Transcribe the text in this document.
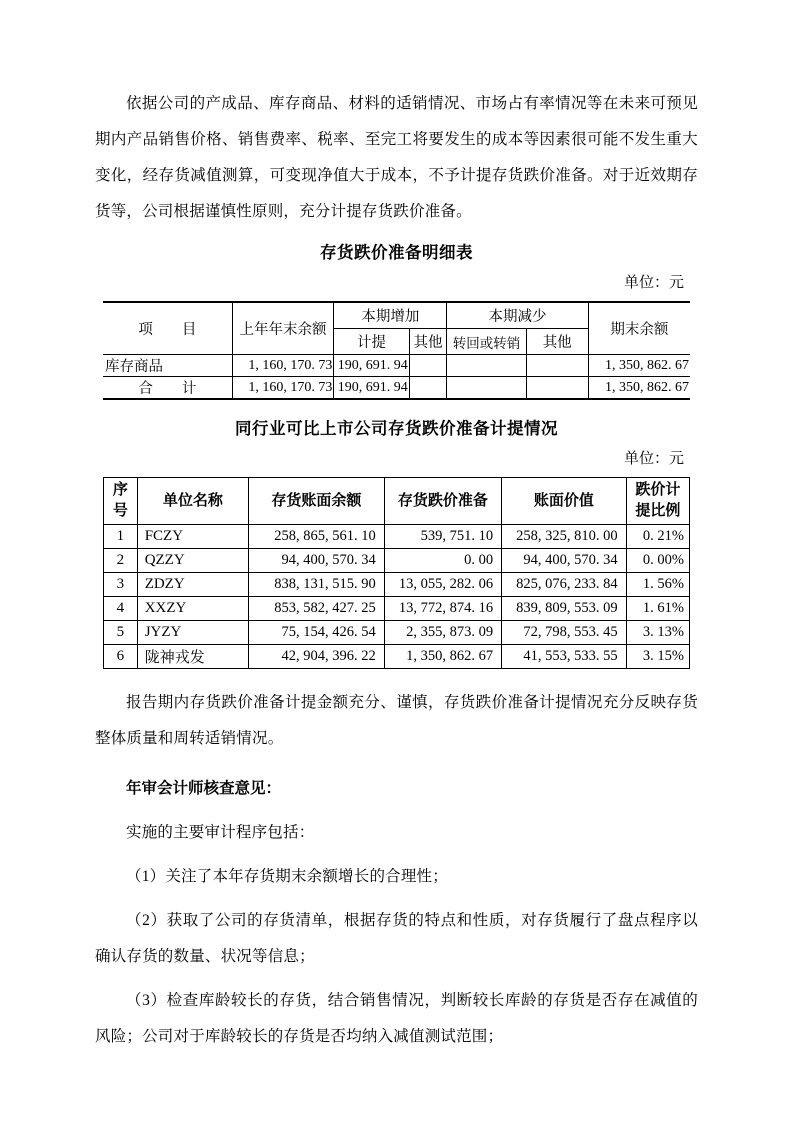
依据公司的产成品、库存商品、材料的适销情况、市场占有率情况等在未来可预见期内产品销售价格、销售费率、税率、至完工将要发生的成本等因素很可能不发生重大变化，经存货减值测算，可变现净值大于成本，不予计提存货跌价准备。对于近效期存货等，公司根据谨慎性原则，充分计提存货跌价准备。

存货跌价准备明细表
单位：元
项　　目	上年年末余额	本期增加		本期减少		期末余额
		计提	其他	转回或转销	其他	
库存商品	1, 160, 170. 73	190, 691. 94				1, 350, 862. 67
合　　计	1, 160, 170. 73	190, 691. 94				1, 350, 862. 67
同行业可比上市公司存货跌价准备计提情况
单位：元
序号	单位名称	存货账面余额	存货跌价准备	账面价值	跌价计提比例
1	FCZY	258, 865, 561. 10	539, 751. 10	258, 325, 810. 00	0. 21%
2	QZZY	94, 400, 570. 34	0. 00	94, 400, 570. 34	0. 00%
3	ZDZY	838, 131, 515. 90	13, 055, 282. 06	825, 076, 233. 84	1. 56%
4	XXZY	853, 582, 427. 25	13, 772, 874. 16	839, 809, 553. 09	1. 61%
5	JYZY	75, 154, 426. 54	2, 355, 873. 09	72, 798, 553. 45	3. 13%
6	陇神戎发	42, 904, 396. 22	1, 350, 862. 67	41, 553, 533. 55	3. 15%

报告期内存货跌价准备计提金额充分、谨慎，存货跌价准备计提情况充分反映存货整体质量和周转适销情况。

年审会计师核查意见：

实施的主要审计程序包括：

（1）关注了本年存货期末余额增长的合理性；

（2）获取了公司的存货清单，根据存货的特点和性质，对存货履行了盘点程序以确认存货的数量、状况等信息；

（3）检查库龄较长的存货，结合销售情况，判断较长库龄的存货是否存在减值的风险；公司对于库龄较长的存货是否均纳入减值测试范围；
